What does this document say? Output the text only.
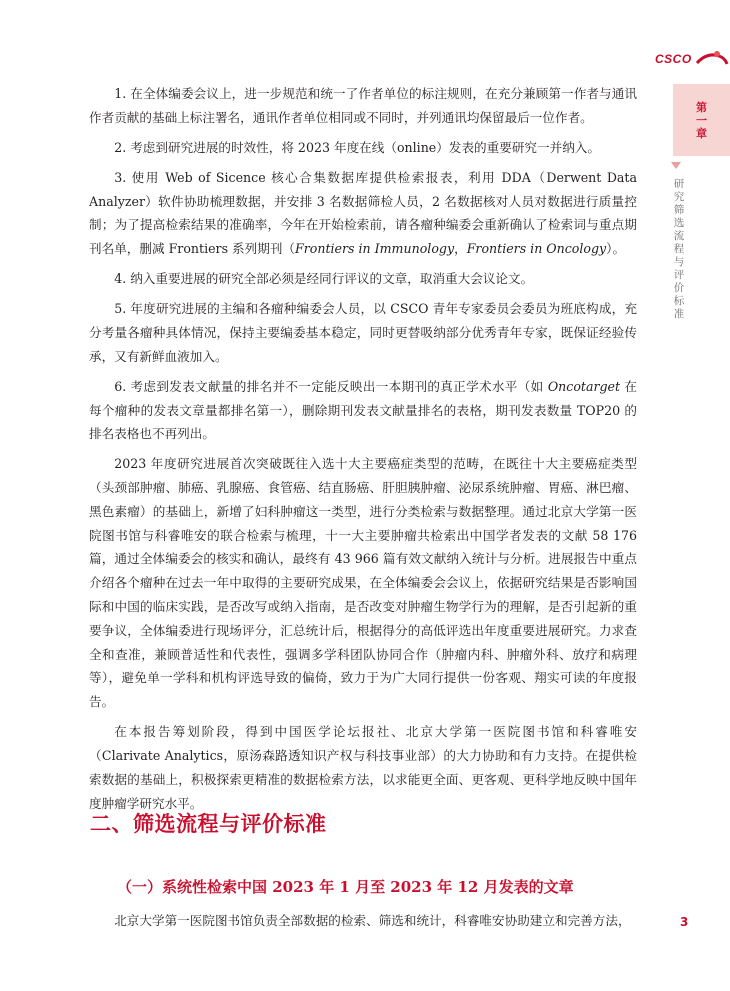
CSCO
第
一
章
研究筛选流程与评价标准

1. 在全体编委会议上，进一步规范和统一了作者单位的标注规则，在充分兼顾第一作者与通讯作者贡献的基础上标注署名，通讯作者单位相同或不同时，并列通讯均保留最后一位作者。

2. 考虑到研究进展的时效性，将 2023 年度在线（online）发表的重要研究一并纳入。

3. 使用 Web of Sicence 核心合集数据库提供检索报表，利用 DDA（Derwent Data Analyzer）软件协助梳理数据，并安排 3 名数据筛检人员，2 名数据核对人员对数据进行质量控制；为了提高检索结果的准确率，今年在开始检索前，请各瘤种编委会重新确认了检索词与重点期刊名单，删减 Frontiers 系列期刊（Frontiers in Immunology，Frontiers in Oncology）。

4. 纳入重要进展的研究全部必须是经同行评议的文章，取消重大会议论文。

5. 年度研究进展的主编和各瘤种编委会人员，以 CSCO 青年专家委员会委员为班底构成，充分考量各瘤种具体情况，保持主要编委基本稳定，同时更替吸纳部分优秀青年专家，既保证经验传承，又有新鲜血液加入。

6. 考虑到发表文献量的排名并不一定能反映出一本期刊的真正学术水平（如 Oncotarget 在每个瘤种的发表文章量都排名第一），删除期刊发表文献量排名的表格，期刊发表数量 TOP20 的排名表格也不再列出。

2023 年度研究进展首次突破既往入选十大主要癌症类型的范畴，在既往十大主要癌症类型（头颈部肿瘤、肺癌、乳腺癌、食管癌、结直肠癌、肝胆胰肿瘤、泌尿系统肿瘤、胃癌、淋巴瘤、黑色素瘤）的基础上，新增了妇科肿瘤这一类型，进行分类检索与数据整理。通过北京大学第一医院图书馆与科睿唯安的联合检索与梳理，十一大主要肿瘤共检索出中国学者发表的文献 58 176 篇，通过全体编委会的核实和确认，最终有 43 966 篇有效文献纳入统计与分析。进展报告中重点介绍各个瘤种在过去一年中取得的主要研究成果，在全体编委会会议上，依据研究结果是否影响国际和中国的临床实践，是否改写或纳入指南，是否改变对肿瘤生物学行为的理解，是否引起新的重要争议，全体编委进行现场评分，汇总统计后，根据得分的高低评选出年度重要进展研究。力求查全和查准，兼顾普适性和代表性，强调多学科团队协同合作（肿瘤内科、肿瘤外科、放疗和病理等），避免单一学科和机构评选导致的偏倚，致力于为广大同行提供一份客观、翔实可读的年度报告。

在本报告筹划阶段，得到中国医学论坛报社、北京大学第一医院图书馆和科睿唯安（Clarivate Analytics，原汤森路透知识产权与科技事业部）的大力协助和有力支持。在提供检索数据的基础上，积极探索更精准的数据检索方法，以求能更全面、更客观、更科学地反映中国年度肿瘤学研究水平。

二、筛选流程与评价标准
（一）系统性检索中国 2023 年 1 月至 2023 年 12 月发表的文章
北京大学第一医院图书馆负责全部数据的检索、筛选和统计，科睿唯安协助建立和完善方法，	3
